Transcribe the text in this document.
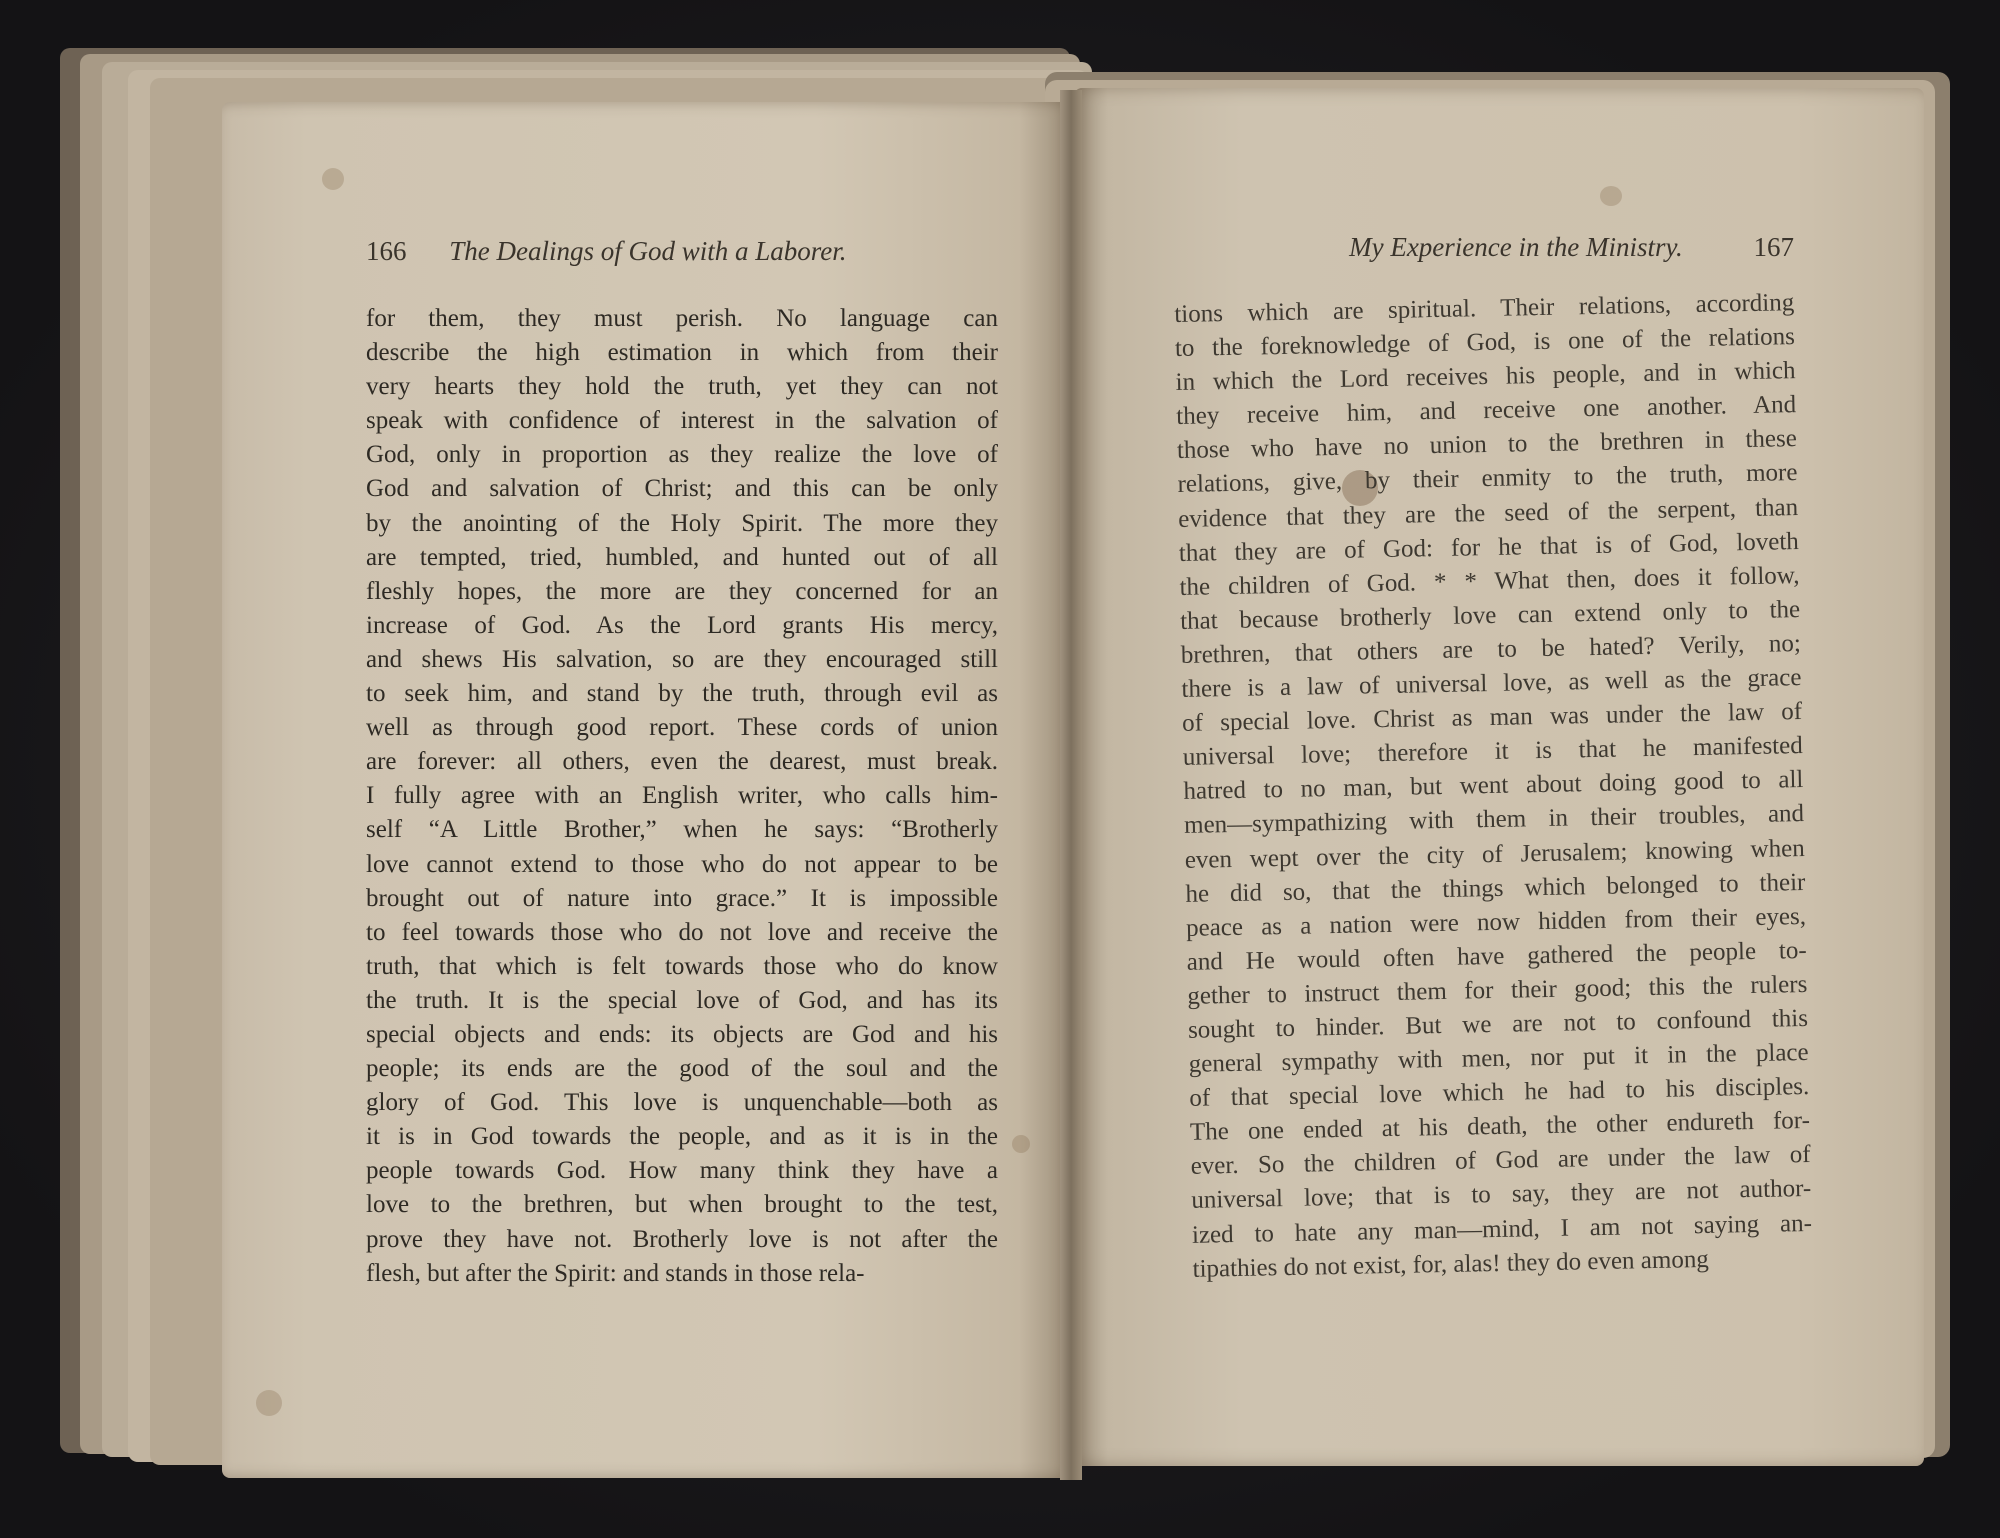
166 The Dealings of God with a Laborer.
for them, they must perish. No language can
describe the high estimation in which from their
very hearts they hold the truth, yet they can not
speak with confidence of interest in the salvation of
God, only in proportion as they realize the love of
God and salvation of Christ; and this can be only
by the anointing of the Holy Spirit. The more they
are tempted, tried, humbled, and hunted out of all
fleshly hopes, the more are they concerned for an
increase of God. As the Lord grants His mercy,
and shews His salvation, so are they encouraged still
to seek him, and stand by the truth, through evil as
well as through good report. These cords of union
are forever: all others, even the dearest, must break.
I fully agree with an English writer, who calls him-
self “A Little Brother,” when he says: “Brotherly
love cannot extend to those who do not appear to be
brought out of nature into grace.” It is impossible
to feel towards those who do not love and receive the
truth, that which is felt towards those who do know
the truth. It is the special love of God, and has its
special objects and ends: its objects are God and his
people; its ends are the good of the soul and the
glory of God. This love is unquenchable—both as
it is in God towards the people, and as it is in the
people towards God. How many think they have a
love to the brethren, but when brought to the test,
prove they have not. Brotherly love is not after the
flesh, but after the Spirit: and stands in those rela-
My Experience in the Ministry.	167
tions which are spiritual. Their relations, according
to the foreknowledge of God, is one of the relations
in which the Lord receives his people, and in which
they receive him, and receive one another. And
those who have no union to the brethren in these
relations, give, by their enmity to the truth, more
evidence that they are the seed of the serpent, than
that they are of God: for he that is of God, loveth
the children of God. * * What then, does it follow,
that because brotherly love can extend only to the
brethren, that others are to be hated? Verily, no;
there is a law of universal love, as well as the grace
of special love. Christ as man was under the law of
universal love; therefore it is that he manifested
hatred to no man, but went about doing good to all
men—sympathizing with them in their troubles, and
even wept over the city of Jerusalem; knowing when
he did so, that the things which belonged to their
peace as a nation were now hidden from their eyes,
and He would often have gathered the people to-
gether to instruct them for their good; this the rulers
sought to hinder. But we are not to confound this
general sympathy with men, nor put it in the place
of that special love which he had to his disciples.
The one ended at his death, the other endureth for-
ever. So the children of God are under the law of
universal love; that is to say, they are not author-
ized to hate any man—mind, I am not saying an-
tipathies do not exist, for, alas! they do even among
